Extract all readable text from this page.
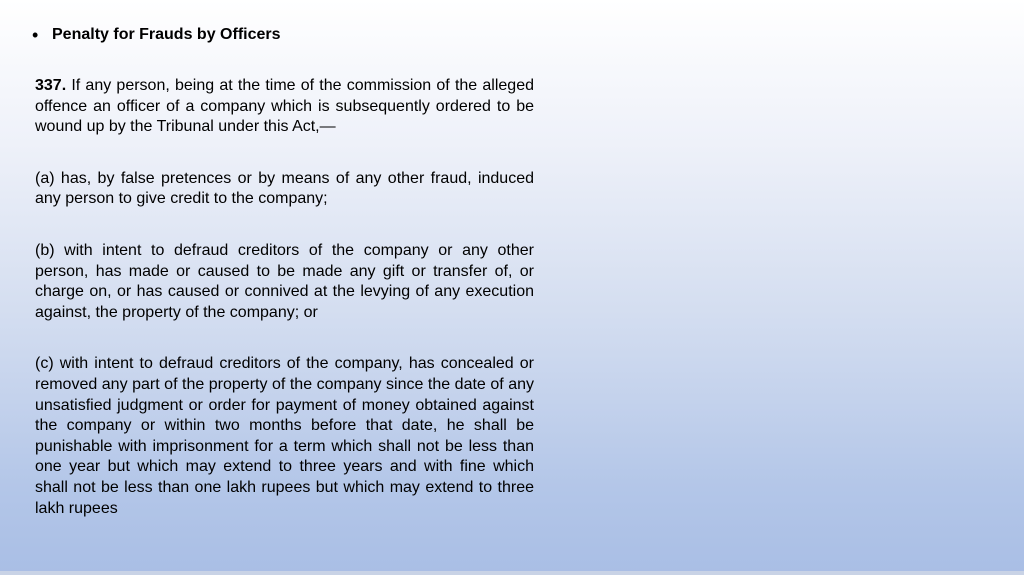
• Penalty for Frauds by Officers

337. If any person, being at the time of the commission of the alleged offence an officer of a company which is subsequently ordered to be wound up by the Tribunal under this Act,—

(a) has, by false pretences or by means of any other fraud, induced any person to give credit to the company;

(b) with intent to defraud creditors of the company or any other person, has made or caused to be made any gift or transfer of, or charge on, or has caused or connived at the levying of any execution against, the property of the company; or

(c) with intent to defraud creditors of the company, has concealed or removed any part of the property of the company since the date of any unsatisfied judgment or order for payment of money obtained against the company or within two months before that date, he shall be punishable with imprisonment for a term which shall not be less than one year but which may extend to three years and with fine which shall not be less than one lakh rupees but which may extend to three lakh rupees
